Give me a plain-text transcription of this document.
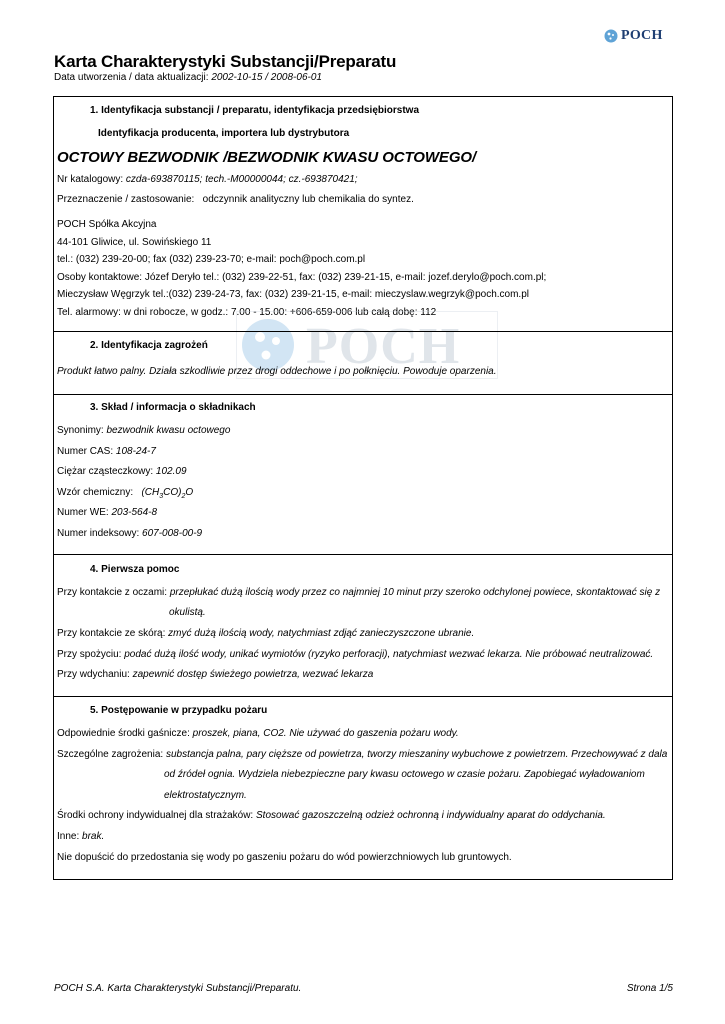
POCH
Karta Charakterystyki Substancji/Preparatu
Data utworzenia / data aktualizacji: 2002-10-15 / 2008-06-01
1. Identyfikacja substancji / preparatu, identyfikacja przedsiębiorstwa
Identyfikacja producenta, importera lub dystrybutora
OCTOWY BEZWODNIK /BEZWODNIK KWASU OCTOWEGO/
Nr katalogowy: czda-693870115; tech.-M00000044; cz.-693870421;
Przeznaczenie / zastosowanie: odczynnik analityczny lub chemikalia do syntez.
POCH Spółka Akcyjna
44-101 Gliwice, ul. Sowińskiego 11
tel.: (032) 239-20-00; fax (032) 239-23-70; e-mail: poch@poch.com.pl
Osoby kontaktowe: Józef Deryło tel.: (032) 239-22-51, fax: (032) 239-21-15, e-mail: jozef.derylo@poch.com.pl;
Mieczysław Węgrzyk tel.:(032) 239-24-73, fax: (032) 239-21-15, e-mail: mieczyslaw.wegrzyk@poch.com.pl
Tel. alarmowy: w dni robocze, w godz.: 7.00 - 15.00: +606-659-006 lub całą dobę: 112
POCH
2. Identyfikacja zagrożeń
Produkt łatwo palny. Działa szkodliwie przez drogi oddechowe i po połknięciu. Powoduje oparzenia.
3. Skład / informacja o składnikach
Synonimy: bezwodnik kwasu octowego
Numer CAS: 108-24-7
Ciężar cząsteczkowy: 102.09
Wzór chemiczny: $(CH_3CO)_2O$
Numer WE: 203-564-8
Numer indeksowy: 607-008-00-9
4. Pierwsza pomoc
Przy kontakcie z oczami: przepłukać dużą ilością wody przez co najmniej 10 minut przy szeroko odchylonej powiece, skontaktować się z
okulistą.
Przy kontakcie ze skórą: zmyć dużą ilością wody, natychmiast zdjąć zanieczyszczone ubranie.
Przy spożyciu: podać dużą ilość wody, unikać wymiotów (ryzyko perforacji), natychmiast wezwać lekarza. Nie próbować neutralizować.
Przy wdychaniu: zapewnić dostęp świeżego powietrza, wezwać lekarza
5. Postępowanie w przypadku pożaru
Odpowiednie środki gaśnicze: proszek, piana, CO2. Nie używać do gaszenia pożaru wody.
Szczególne zagrożenia: substancja palna, pary cięższe od powietrza, tworzy mieszaniny wybuchowe z powietrzem. Przechowywać z dala
od źródeł ognia. Wydziela niebezpieczne pary kwasu octowego w czasie pożaru. Zapobiegać wyładowaniom
elektrostatycznym.
Środki ochrony indywidualnej dla strażaków: Stosować gazoszczelną odzież ochronną i indywidualny aparat do oddychania.
Inne: brak.
Nie dopuścić do przedostania się wody po gaszeniu pożaru do wód powierzchniowych lub gruntowych.
POCH S.A. Karta Charakterystyki Substancji/Preparatu.	Strona 1/5
